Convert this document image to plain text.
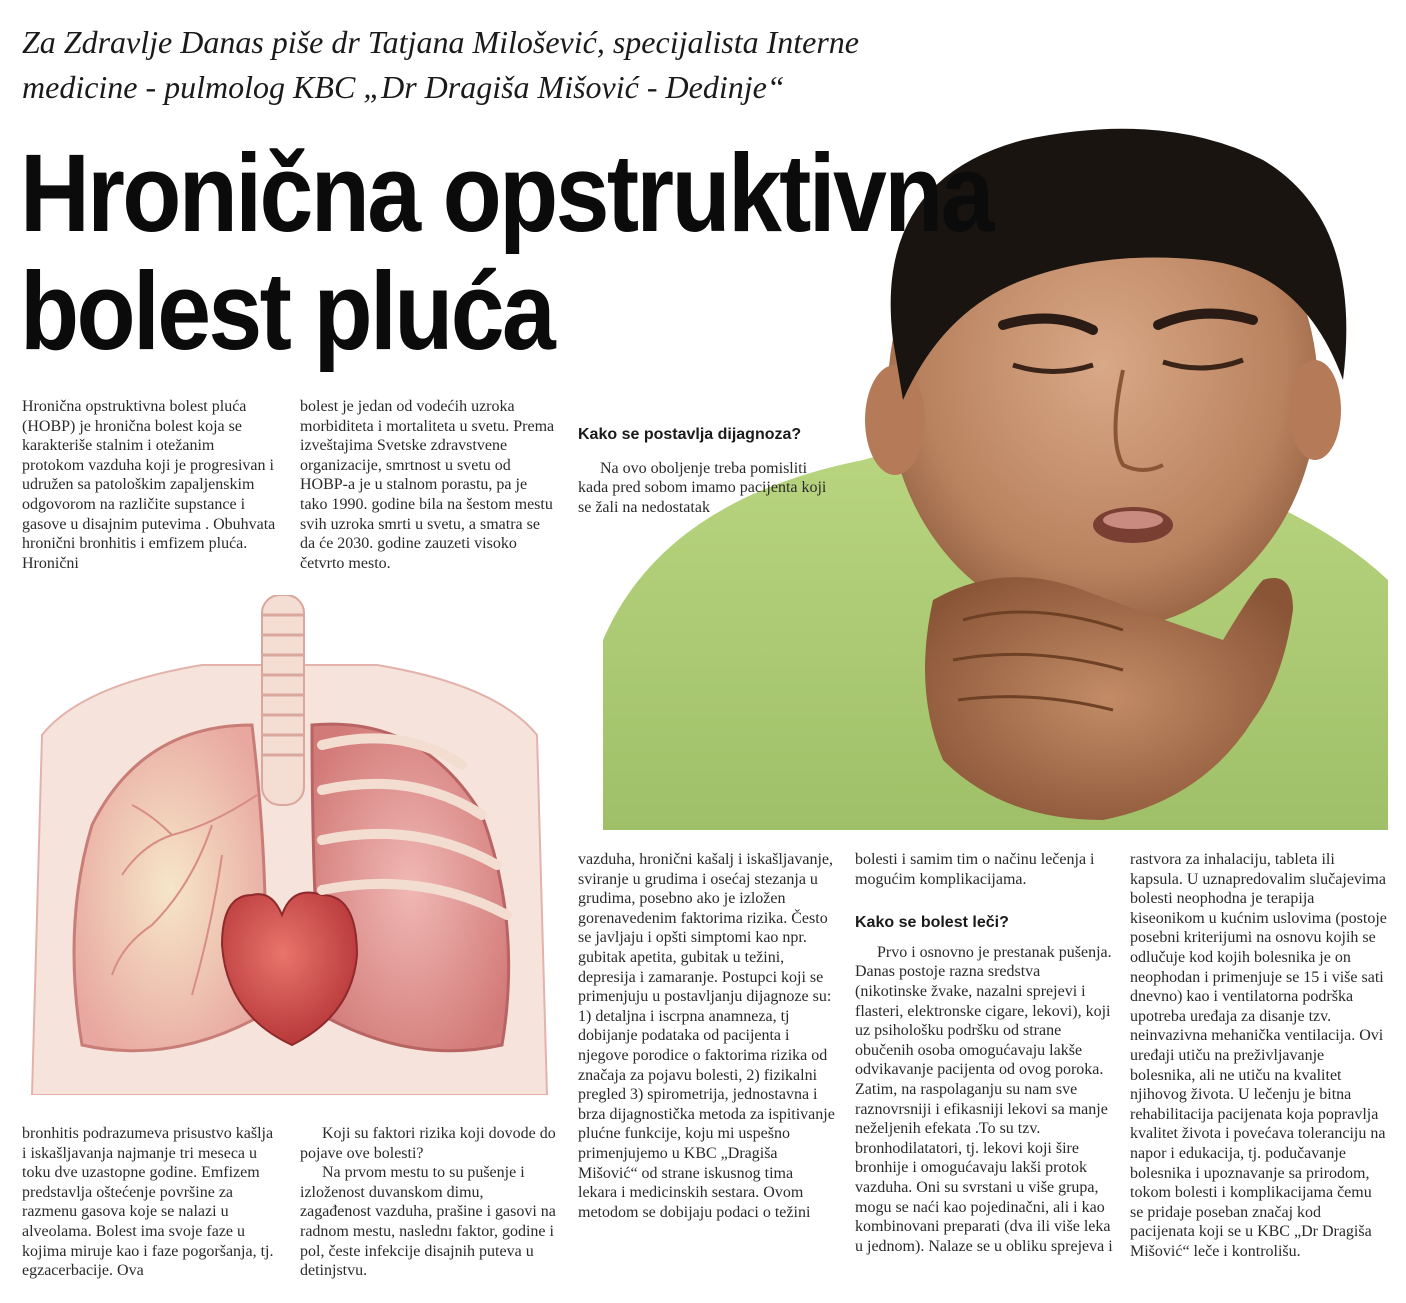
Za Zdravlje Danas piše dr Tatjana Milošević, specijalista Interne
medicine - pulmolog KBC „Dr Dragiša Mišović - Dedinje“
Hronična opstruktivna
bolest pluća

Hronična opstruktivna bolest pluća (HOBP) je hronična bolest koja se karakteriše stalnim i otežanim protokom vazduha koji je progresivan i udružen sa patološkim zapaljenskim odgovorom na različite supstance i gasove u disajnim putevima . Obuhvata hronični bronhitis i emfizem pluća. Hronični

bolest je jedan od vodećih uzroka morbiditeta i mortaliteta u svetu. Prema izveštajima Svetske zdravstvene organizacije, smrtnost u svetu od HOBP-a je u stalnom porastu, pa je tako 1990. godine bila na šestom mestu svih uzroka smrti u svetu, a smatra se da će 2030. godine zauzeti visoko četvrto mesto.

Kako se postavlja dijagnoza?

Na ovo oboljenje treba pomisliti kada pred sobom imamo pacijenta koji se žali na nedostatak

bronhitis podrazumeva prisustvo kašlja i iskašljavanja najmanje tri meseca u toku dve uzastopne godine. Emfizem predstavlja oštećenje površine za razmenu gasova koje se nalazi u alveolama. Bolest ima svoje faze u kojima miruje kao i faze pogoršanja, tj. egzacerbacije. Ova

Koji su faktori rizika koji dovode do pojave ove bolesti?

Na prvom mestu to su pušenje i izloženost duvanskom dimu, zagađenost vazduha, prašine i gasovi na radnom mestu, naslednı faktor, godine i pol, česte infekcije disajnih puteva u detinjstvu.

vazduha, hronični kašalj i iskašljavanje, sviranje u grudima i osećaj stezanja u grudima, posebno ako je izložen gorenavedenim faktorima rizika. Često se javljaju i opšti simptomi kao npr. gubitak apetita, gubitak u težini, depresija i zamaranje. Postupci koji se primenjuju u postavljanju dijagnoze su: 1) detaljna i iscrpna anamneza, tj dobijanje podataka od pacijenta i njegove porodice o faktorima rizika od značaja za pojavu bolesti, 2) fizikalni pregled 3) spirometrija, jednostavna i brza dijagnostička metoda za ispitivanje plućne funkcije, koju mi uspešno primenjujemo u KBC „Dragiša Mišović“ od strane iskusnog tima lekara i medicinskih sestara. Ovom metodom se dobijaju podaci o težini

bolesti i samim tim o načinu lečenja i mogućim komplikacijama.

Kako se bolest leči?

Prvo i osnovno je prestanak pušenja. Danas postoje razna sredstva (nikotinske žvake, nazalni sprejevi i flasteri, elektronske cigare, lekovi), koji uz psihološku podršku od strane obučenih osoba omogućavaju lakše odvikavanje pacijenta od ovog poroka. Zatim, na raspolaganju su nam sve raznovrsniji i efikasniji lekovi sa manje neželjenih efekata .To su tzv. bronhodilatatori, tj. lekovi koji šire bronhije i omogućavaju lakši protok vazduha. Oni su svrstani u više grupa, mogu se naći kao pojedinačni, ali i kao kombinovani preparati (dva ili više leka u jednom). Nalaze se u obliku sprejeva i

rastvora za inhalaciju, tableta ili kapsula. U uznapredovalim slučajevima bolesti neophodna je terapija kiseonikom u kućnim uslovima (postoje posebni kriterijumi na osnovu kojih se odlučuje kod kojih bolesnika je on neophodan i primenjuje se 15 i više sati dnevno) kao i ventilatorna podrška upotreba uređaja za disanje tzv. neinvazivna mehanička ventilacija. Ovi uređaji utiču na preživljavanje bolesnika, ali ne utiču na kvalitet njihovog života. U lečenju je bitna rehabilitacija pacijenata koja popravlja kvalitet života i povećava toleranciju na napor i edukacija, tj. podučavanje bolesnika i upoznavanje sa prirodom, tokom bolesti i komplikacijama čemu se pridaje poseban značaj kod pacijenata koji se u KBC „Dr Dragiša Mišović“ leče i kontrolišu.
